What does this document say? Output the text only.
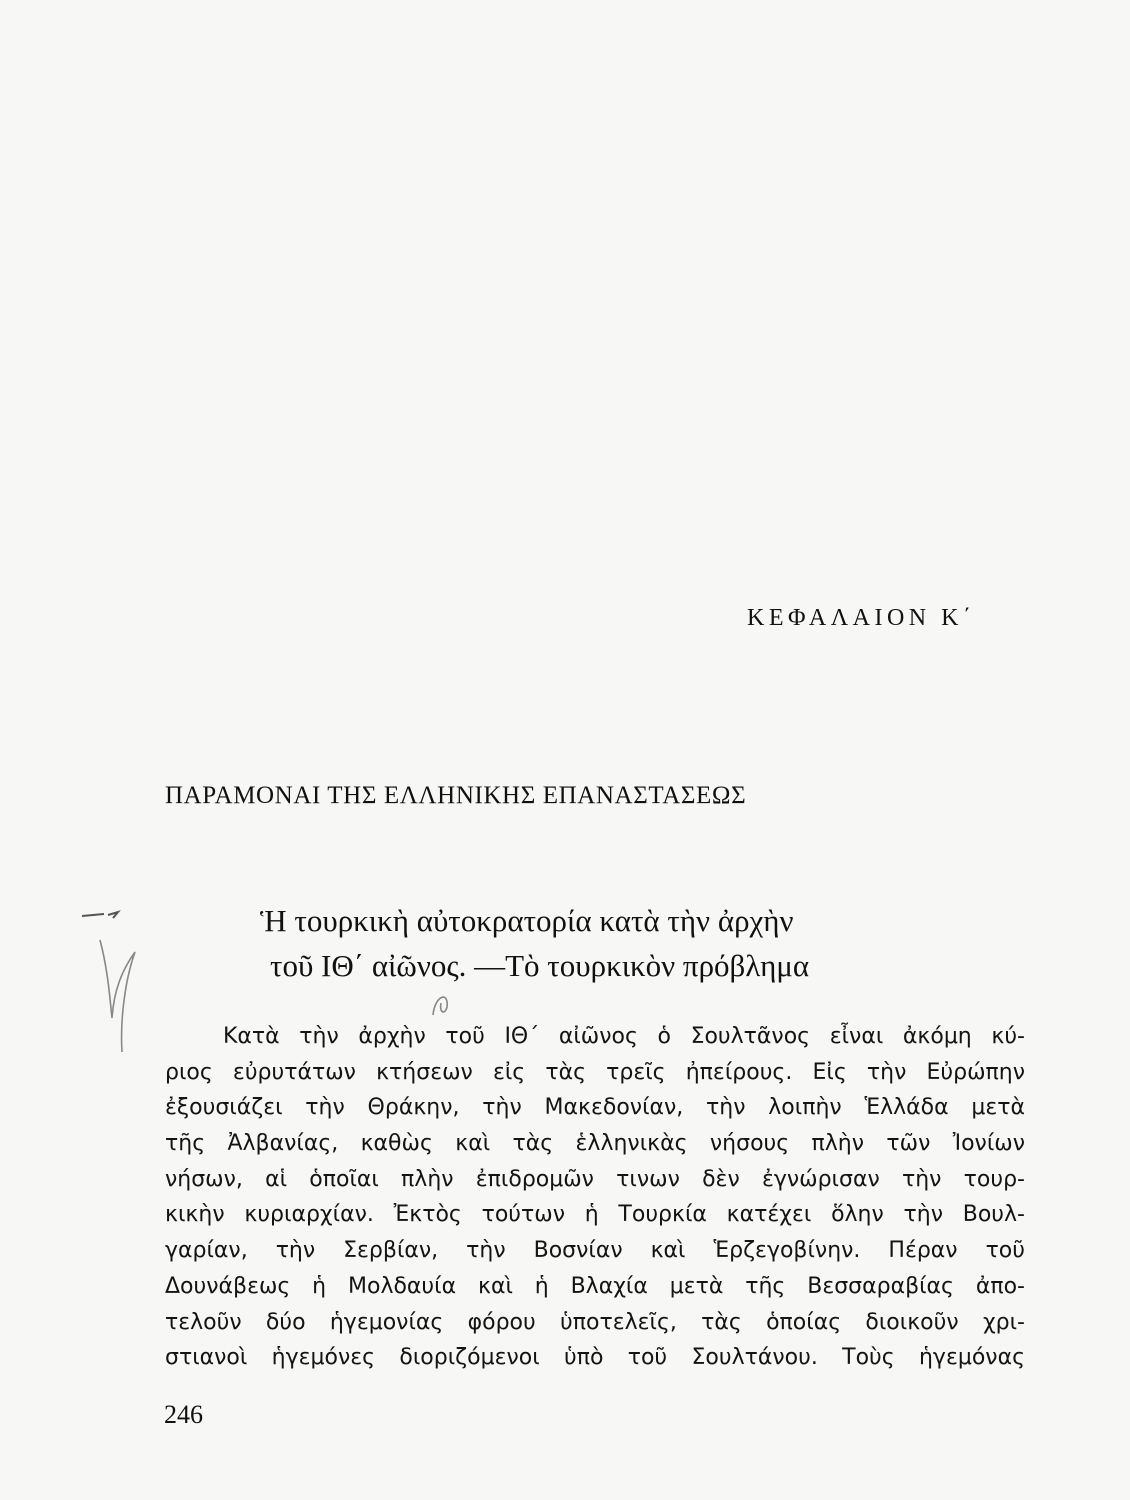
ΚΕΦΑΛΑΙΟΝ Κ΄
ΠΑΡΑΜΟΝΑΙ ΤΗΣ ΕΛΛΗΝΙΚΗΣ ΕΠΑΝΑΣΤΑΣΕΩΣ
Ἡ τουρκικὴ αὐτοκρατορία κατὰ τὴν ἀρχὴν
τοῦ ΙΘ΄ αἰῶνος. —Τὸ τουρκικὸν πρόβλημα
Κατὰ τὴν ἀρχὴν τοῦ ΙΘ΄ αἰῶνος ὁ Σουλτᾶνος εἶναι ἀκόμη κύ-
ριος εὐρυτάτων κτήσεων εἰς τὰς τρεῖς ἠπείρους. Εἰς τὴν Εὐρώπην
ἐξουσιάζει τὴν Θράκην, τὴν Μακεδονίαν, τὴν λοιπὴν Ἑλλάδα μετὰ
τῆς Ἀλβανίας, καθὼς καὶ τὰς ἑλληνικὰς νήσους πλὴν τῶν Ἰονίων
νήσων, αἱ ὁποῖαι πλὴν ἐπιδρομῶν τινων δὲν ἐγνώρισαν τὴν τουρ-
κικὴν κυριαρχίαν. Ἐκτὸς τούτων ἡ Τουρκία κατέχει ὅλην τὴν Βουλ-
γαρίαν, τὴν Σερβίαν, τὴν Βοσνίαν καὶ Ἑρζεγοβίνην. Πέραν τοῦ
Δουνάβεως ἡ Μολδαυία καὶ ἡ Βλαχία μετὰ τῆς Βεσσαραβίας ἀπο-
τελοῦν δύο ἡγεμονίας φόρου ὑποτελεῖς, τὰς ὁποίας διοικοῦν χρι-
στιανοὶ ἡγεμόνες διοριζόμενοι ὑπὸ τοῦ Σουλτάνου. Τοὺς ἡγεμόνας
246
